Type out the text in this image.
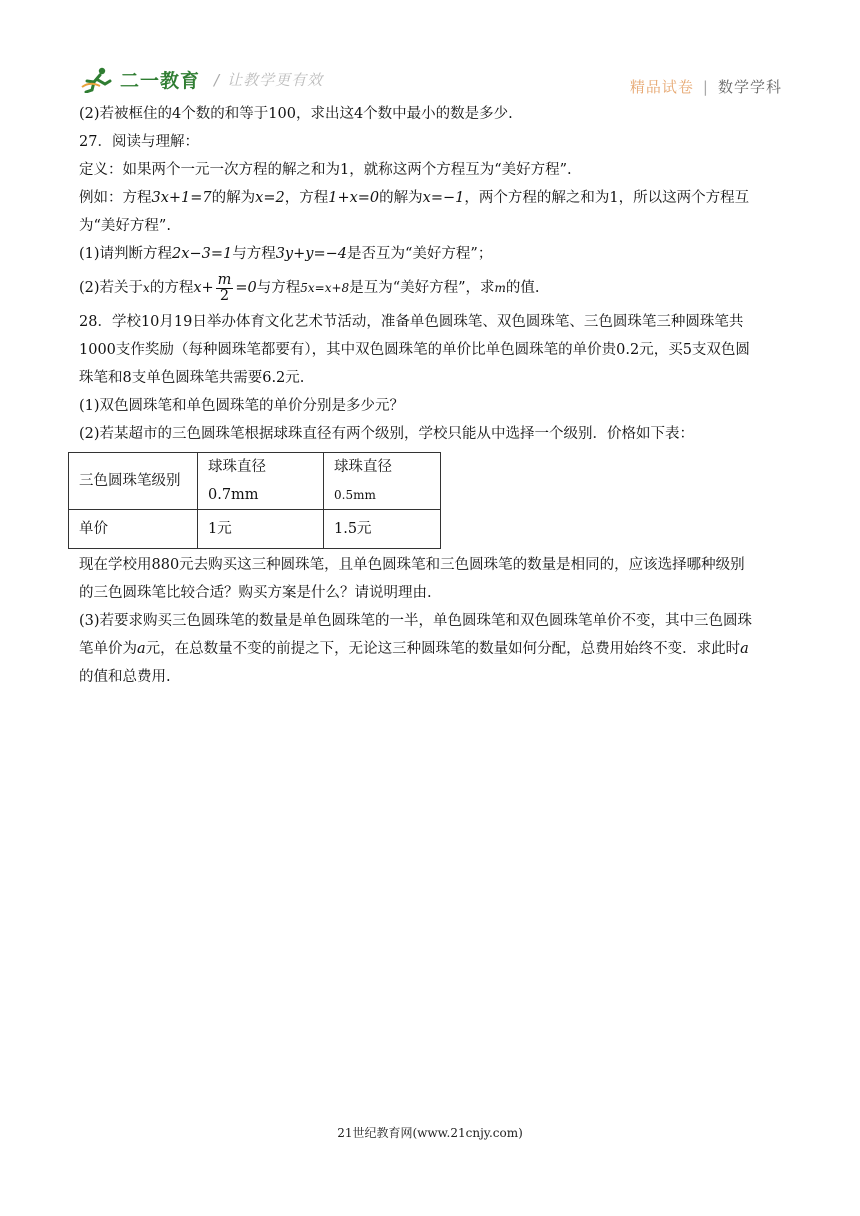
二一教育 / 让教学更有效	精品试卷 | 数学学科

(2)若被框住的4个数的和等于100，求出这4个数中最小的数是多少.

27．阅读与理解：

定义：如果两个一元一次方程的解之和为1，就称这两个方程互为“美好方程”.

例如：方程3x+1=7的解为x=2，方程1+x=0的解为x=−1，两个方程的解之和为1，所以这两个方程互

为“美好方程”.

(1)请判断方程2x−3=1与方程3y+y=−4是否互为“美好方程”；

(2)若关于x的方程$x+ \frac{m}{2} =0$与方程5x=x+8是互为“美好方程”，求m的值.

28．学校10月19日举办体育文化艺术节活动，准备单色圆珠笔、双色圆珠笔、三色圆珠笔三种圆珠笔共

1000支作奖励（每种圆珠笔都要有），其中双色圆珠笔的单价比单色圆珠笔的单价贵0.2元，买5支双色圆

珠笔和8支单色圆珠笔共需要6.2元.

(1)双色圆珠笔和单色圆珠笔的单价分别是多少元？

(2)若某超市的三色圆珠笔根据球珠直径有两个级别，学校只能从中选择一个级别．价格如下表：

三色圆珠笔级别	球珠直径0.7mm	球珠直径0.5mm
单价	1元	1.5元

现在学校用880元去购买这三种圆珠笔，且单色圆珠笔和三色圆珠笔的数量是相同的，应该选择哪种级别

的三色圆珠笔比较合适？购买方案是什么？请说明理由.

(3)若要求购买三色圆珠笔的数量是单色圆珠笔的一半，单色圆珠笔和双色圆珠笔单价不变，其中三色圆珠

笔单价为a元，在总数量不变的前提之下，无论这三种圆珠笔的数量如何分配，总费用始终不变．求此时a

的值和总费用.

21世纪教育网(www.21cnjy.com)
